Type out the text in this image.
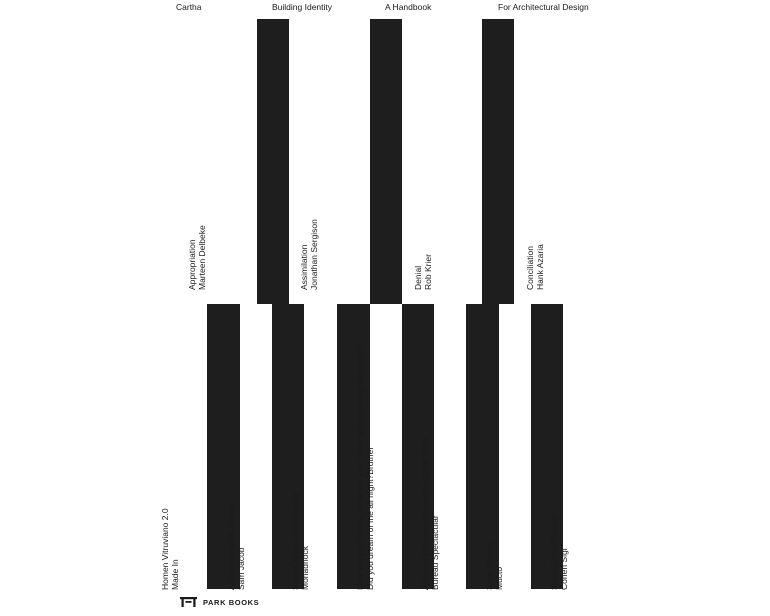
Cartha	Building Identity	A Handbook	For Architectural Design
Appropriation Marteen Delbeke	Assimilation Jonathan Sergison	Denial Rob Krier	Conciliation Hank Azaria
Homen Vitruviano 2.0 Made In	Archaeographic House Sam Jacob	Seven Types of Ambiguity Monadnock	How are you? Hello, How are you? How did you sleep last night? Did you dream of me all night?Bruther	A House Between Properties 2018-2019 Bureau Spectacular	Sone Project Mucto	Some Other Project Conen Sigl
PARK BOOKS
